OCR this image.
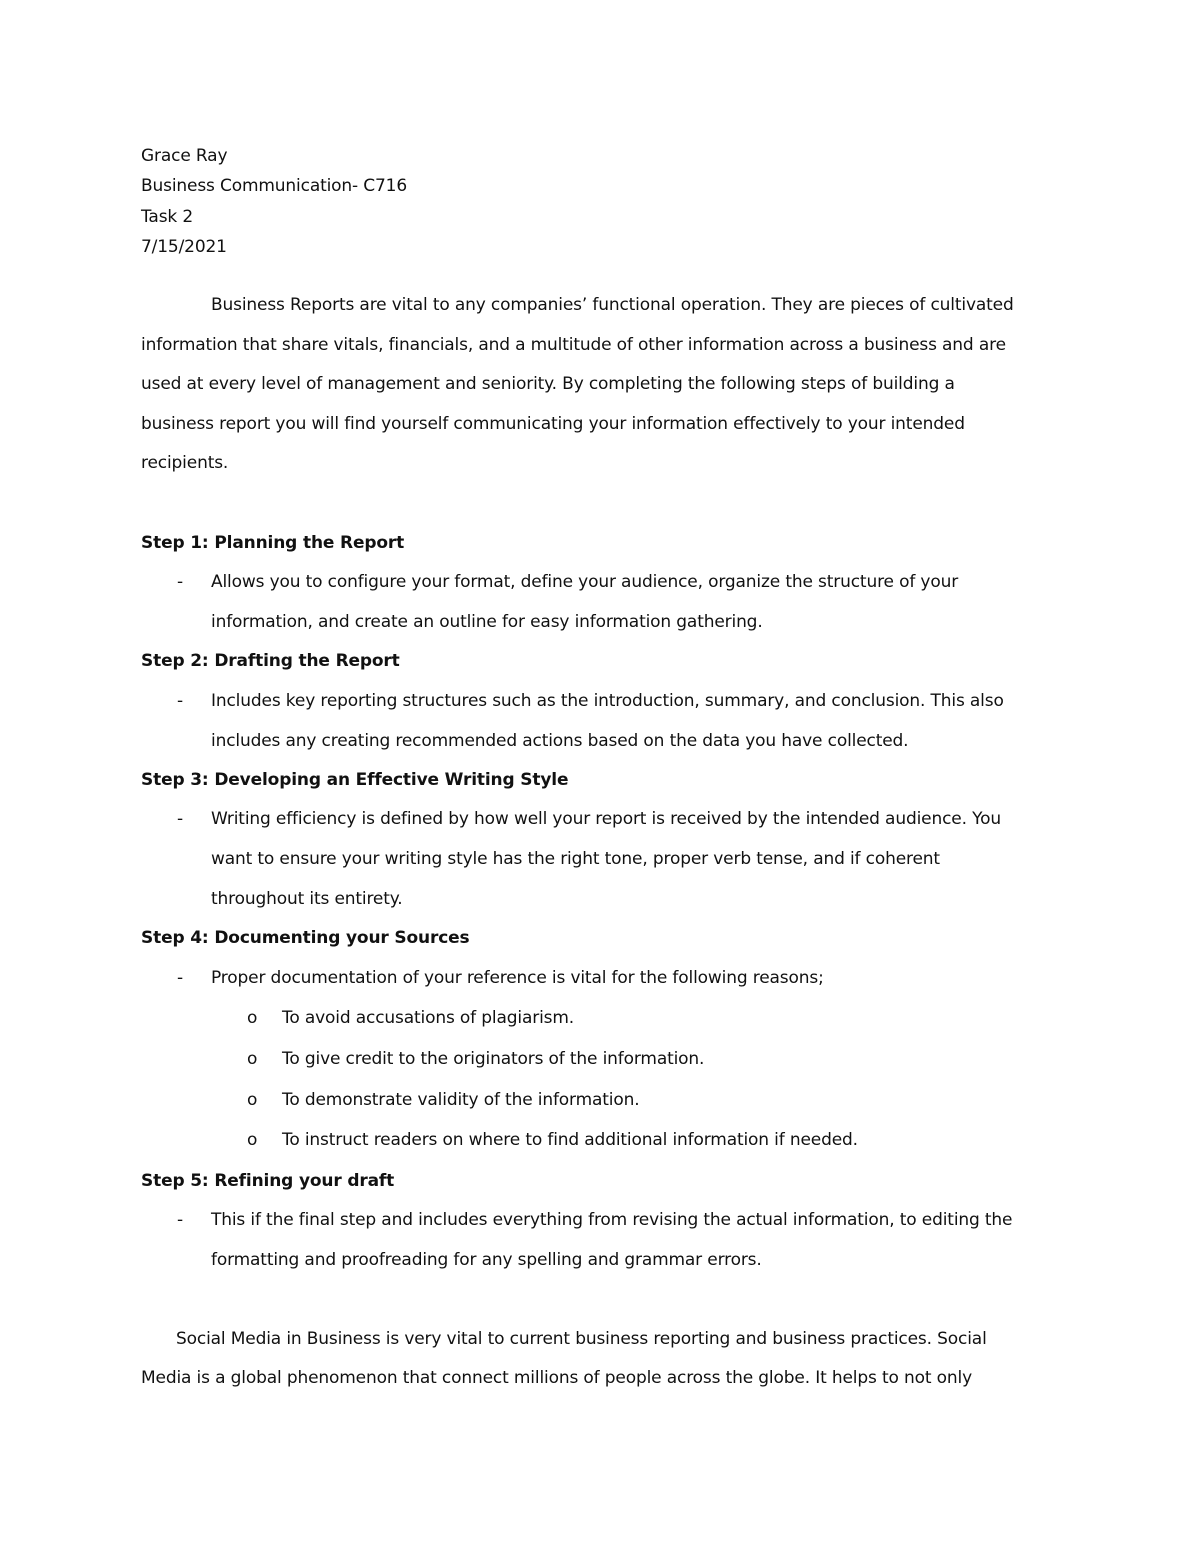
Grace Ray
Business Communication- C716
Task 2
7/15/2021
Business Reports are vital to any companies’ functional operation. They are pieces of cultivated
information that share vitals, financials, and a multitude of other information across a business and are
used at every level of management and seniority. By completing the following steps of building a
business report you will find yourself communicating your information effectively to your intended
recipients.
Step 1: Planning the Report
- Allows you to configure your format, define your audience, organize the structure of your
information, and create an outline for easy information gathering.
Step 2: Drafting the Report
- Includes key reporting structures such as the introduction, summary, and conclusion. This also
includes any creating recommended actions based on the data you have collected.
Step 3: Developing an Effective Writing Style
- Writing efficiency is defined by how well your report is received by the intended audience. You
want to ensure your writing style has the right tone, proper verb tense, and if coherent
throughout its entirety.
Step 4: Documenting your Sources
- Proper documentation of your reference is vital for the following reasons;
o To avoid accusations of plagiarism.
o To give credit to the originators of the information.
o To demonstrate validity of the information.
o To instruct readers on where to find additional information if needed.
Step 5: Refining your draft
- This if the final step and includes everything from revising the actual information, to editing the
formatting and proofreading for any spelling and grammar errors.
Social Media in Business is very vital to current business reporting and business practices. Social
Media is a global phenomenon that connect millions of people across the globe. It helps to not only
